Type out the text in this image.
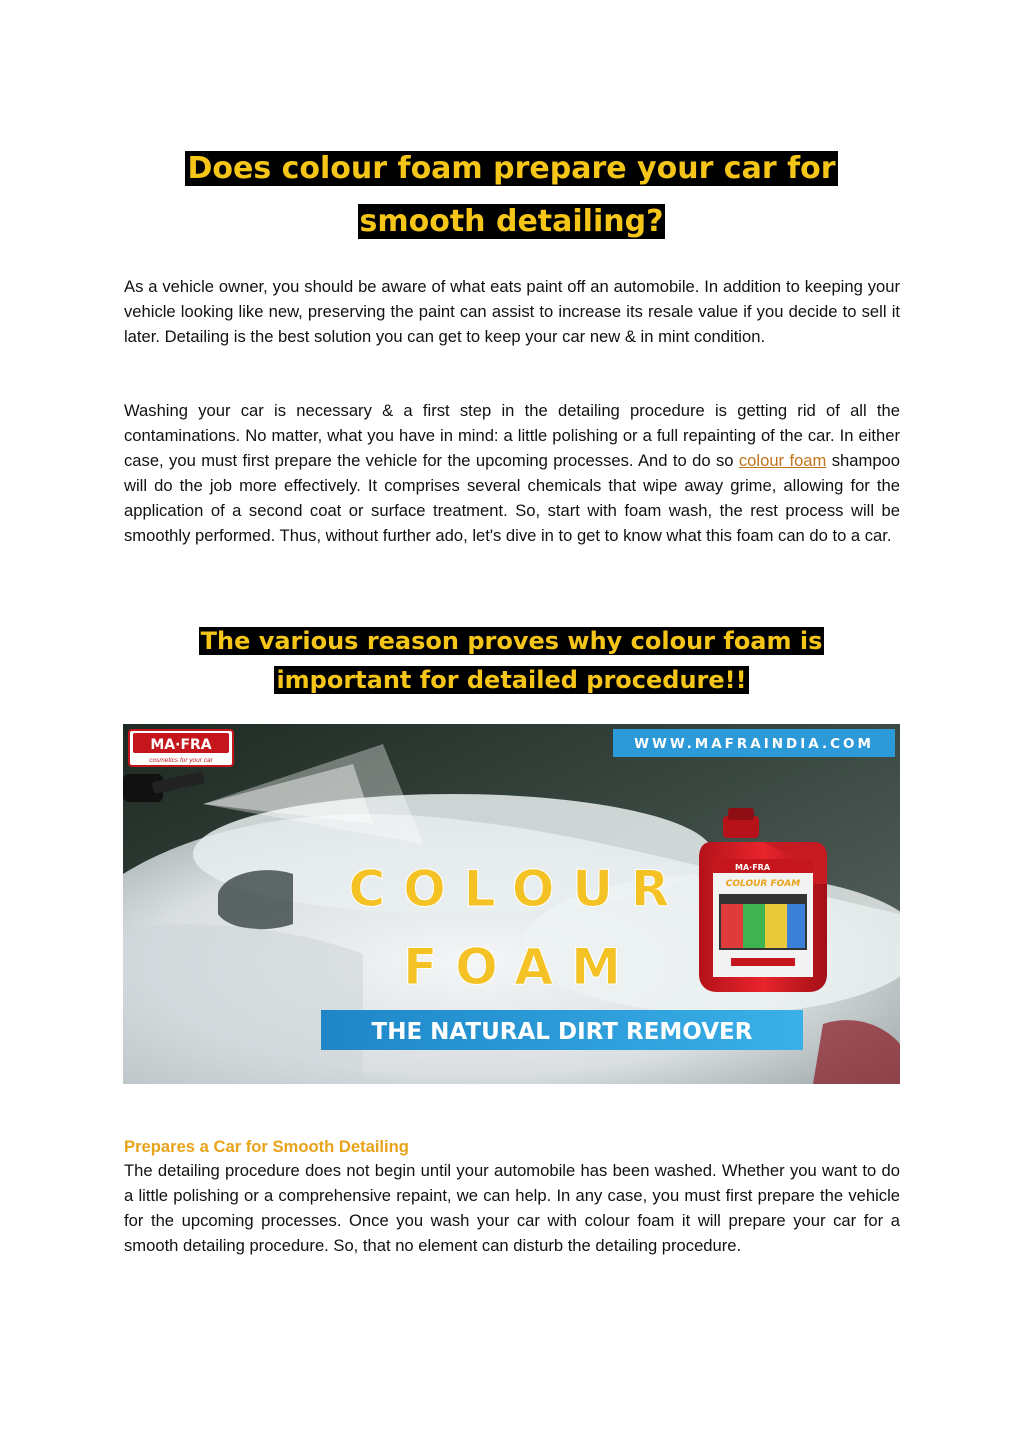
Does colour foam prepare your car for
smooth detailing?

As a vehicle owner, you should be aware of what eats paint off an automobile. In addition to keeping your vehicle looking like new, preserving the paint can assist to increase its resale value if you decide to sell it later. Detailing is the best solution you can get to keep your car new & in mint condition.

Washing your car is necessary & a first step in the detailing procedure is getting rid of all the contaminations. No matter, what you have in mind: a little polishing or a full repainting of the car. In either case, you must first prepare the vehicle for the upcoming processes. And to do so colour foam shampoo will do the job more effectively. It comprises several chemicals that wipe away grime, allowing for the application of a second coat or surface treatment. So, start with foam wash, the rest process will be smoothly performed. Thus, without further ado, let's dive in to get to know what this foam can do to a car.

The various reason proves why colour foam is
important for detailed procedure!!
MA·FRA
cosmetics for your car
WWW.MAFRAINDIA.COM
MA·FRA
COLOUR FOAM
COLOUR
FOAM
THE NATURAL DIRT REMOVER
Prepares a Car for Smooth Detailing

The detailing procedure does not begin until your automobile has been washed. Whether you want to do a little polishing or a comprehensive repaint, we can help. In any case, you must first prepare the vehicle for the upcoming processes. Once you wash your car with colour foam it will prepare your car for a smooth detailing procedure. So, that no element can disturb the detailing procedure.
